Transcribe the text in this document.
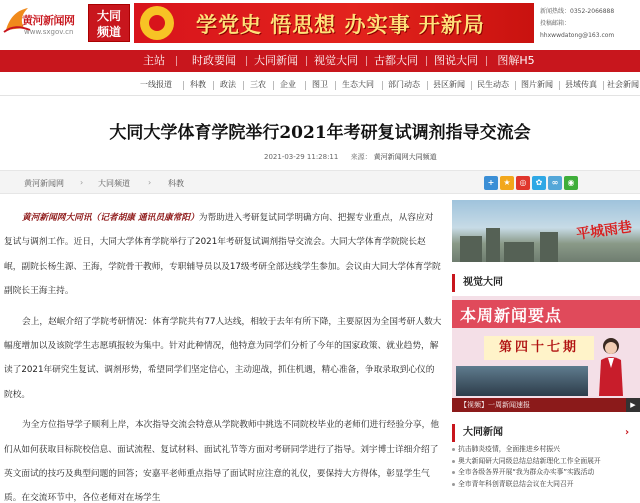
黄河新闻网
www.sxgov.cn
大同
频道	学党史 悟思想 办实事 开新局
新闻热线：0352-2066888
投稿邮箱：hhxwwdatong@163.com
主站	时政要闻	大同新闻	视觉大同	古都大同	图说大同	图解H5
一线报道 科教 政法 三农 企业 图卫 生态大同 部门动态 县区新闻 民生动态 图片新闻 县域传真 社会新闻
大同大学体育学院举行2021年考研复试调剂指导交流会
2021-03-29 11:28:11 来源： 黄河新闻网大同频道
黄河新闻网 › 大同频道 › 科教	+	★	◎	✿	∞	◉

黄河新闻网大同讯（记者胡康 通讯员康常阳）为帮助进入考研复试同学明确方向、把握专业重点，从容应对复试与调剂工作。近日，大同大学体育学院举行了2021年考研复试调剂指导交流会。大同大学体育学院院长赵岷，副院长杨生源、王海，学院骨干教师，专职辅导员以及17级考研全部达线学生参加。会议由大同大学体育学院副院长王海主持。

会上，赵岷介绍了学院考研情况：体育学院共有77人达线，相较于去年有所下降，主要原因为全国考研人数大幅度增加以及该院学生志愿填报较为集中。针对此种情况，他特意为同学们分析了今年的国家政策、就业趋势，解读了2021年研究生复试、调剂形势，希望同学们坚定信心，主动迎战，抓住机遇，精心准备，争取录取到心仪的院校。

为全方位指导学子顺利上岸，本次指导交流会特意从学院教师中挑选不同院校毕业的老师们进行经验分享，他们从如何获取目标院校信息、面试流程、复试材料、面试礼节等方面对考研同学进行了指导。刘宇博士详细介绍了英文面试的技巧及典型问题的回答；安嘉平老师重点指导了面试时应注意的礼仪，要保持大方得体，彰显学生气质。在交流环节中，各位老师对在场学生

平城雨巷
视觉大同
本周新闻要点
第四十七期
【视频】一周新闻速报	▶
大同新闻	›
抗击肺炎疫情，全面推进乡村振兴
奥大新闻研大同级总结总结新理化工作全面展开
全市各级各界开展“我为群众办实事”实践活动
全市青年科创青联总结会议在大同召开
